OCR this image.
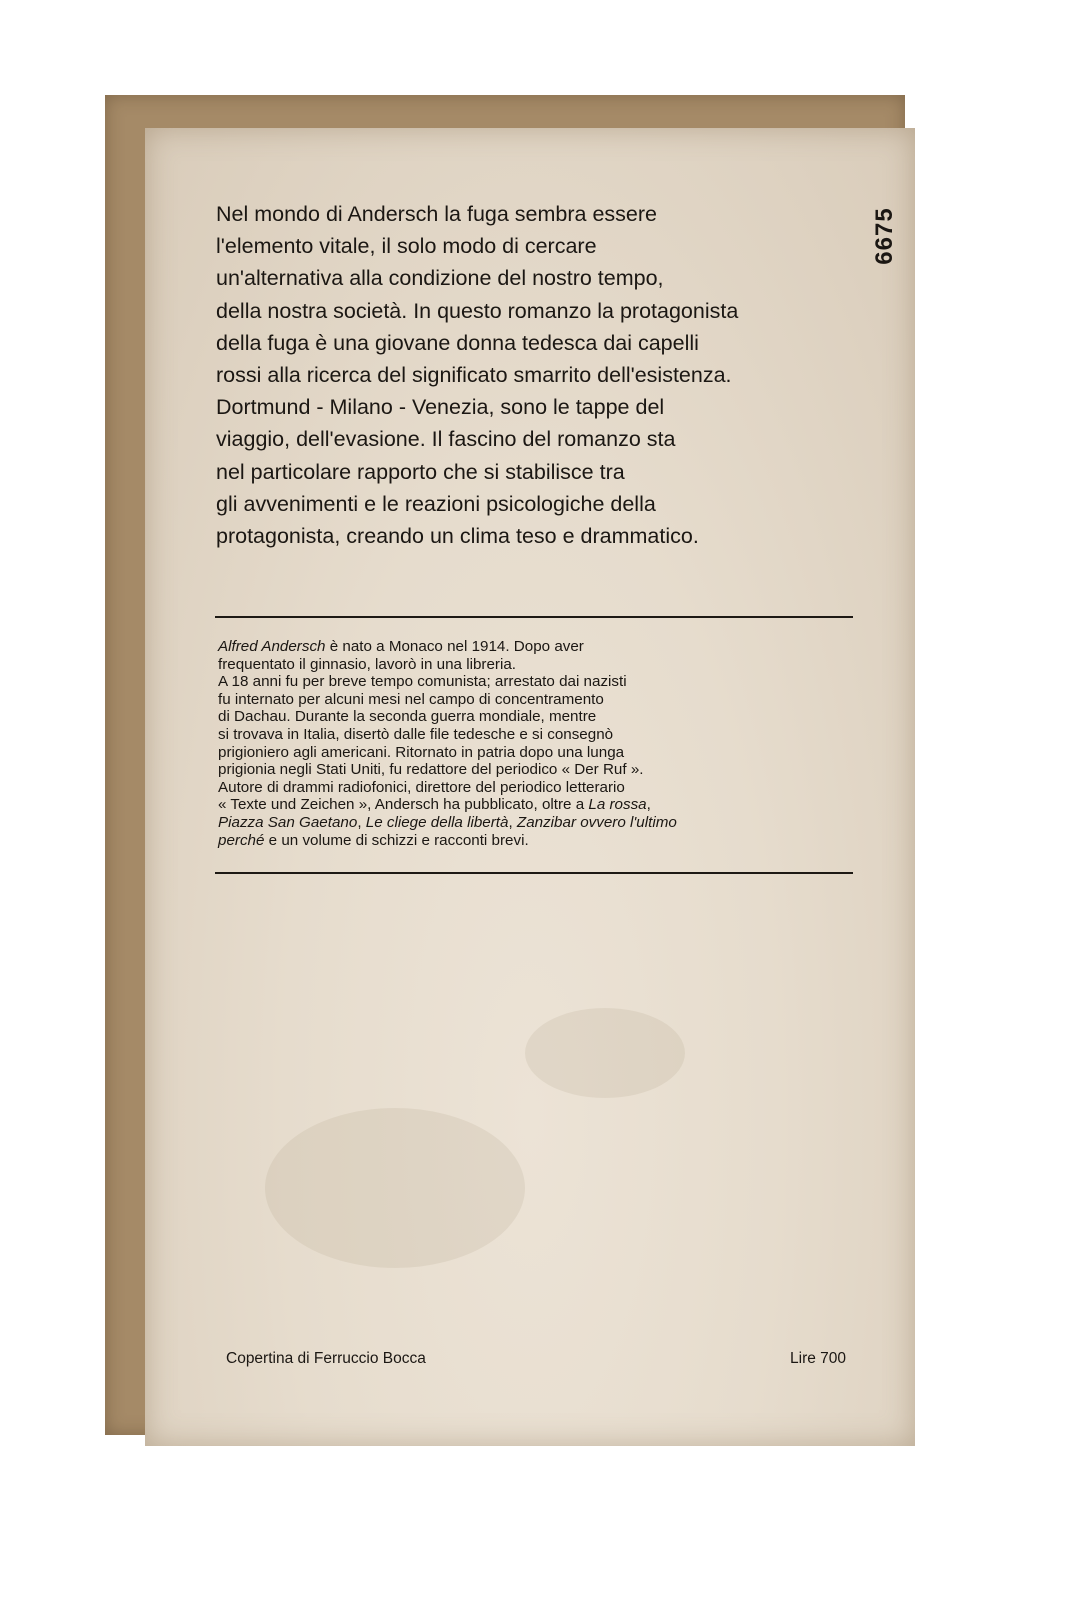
6675
Nel mondo di Andersch la fuga sembra essere
l'elemento vitale, il solo modo di cercare
un'alternativa alla condizione del nostro tempo,
della nostra società. In questo romanzo la protagonista
della fuga è una giovane donna tedesca dai capelli
rossi alla ricerca del significato smarrito dell'esistenza.
Dortmund - Milano - Venezia, sono le tappe del
viaggio, dell'evasione. Il fascino del romanzo sta
nel particolare rapporto che si stabilisce tra
gli avvenimenti e le reazioni psicologiche della
protagonista, creando un clima teso e drammatico.
Alfred Andersch è nato a Monaco nel 1914. Dopo aver
frequentato il ginnasio, lavorò in una libreria.
A 18 anni fu per breve tempo comunista; arrestato dai nazisti
fu internato per alcuni mesi nel campo di concentramento
di Dachau. Durante la seconda guerra mondiale, mentre
si trovava in Italia, disertò dalle file tedesche e si consegnò
prigioniero agli americani. Ritornato in patria dopo una lunga
prigionia negli Stati Uniti, fu redattore del periodico « Der Ruf ».
Autore di drammi radiofonici, direttore del periodico letterario
« Texte und Zeichen », Andersch ha pubblicato, oltre a La rossa,
Piazza San Gaetano, Le cliege della libertà, Zanzibar ovvero l'ultimo
perché e un volume di schizzi e racconti brevi.
Copertina di Ferruccio Bocca	Lire 700
